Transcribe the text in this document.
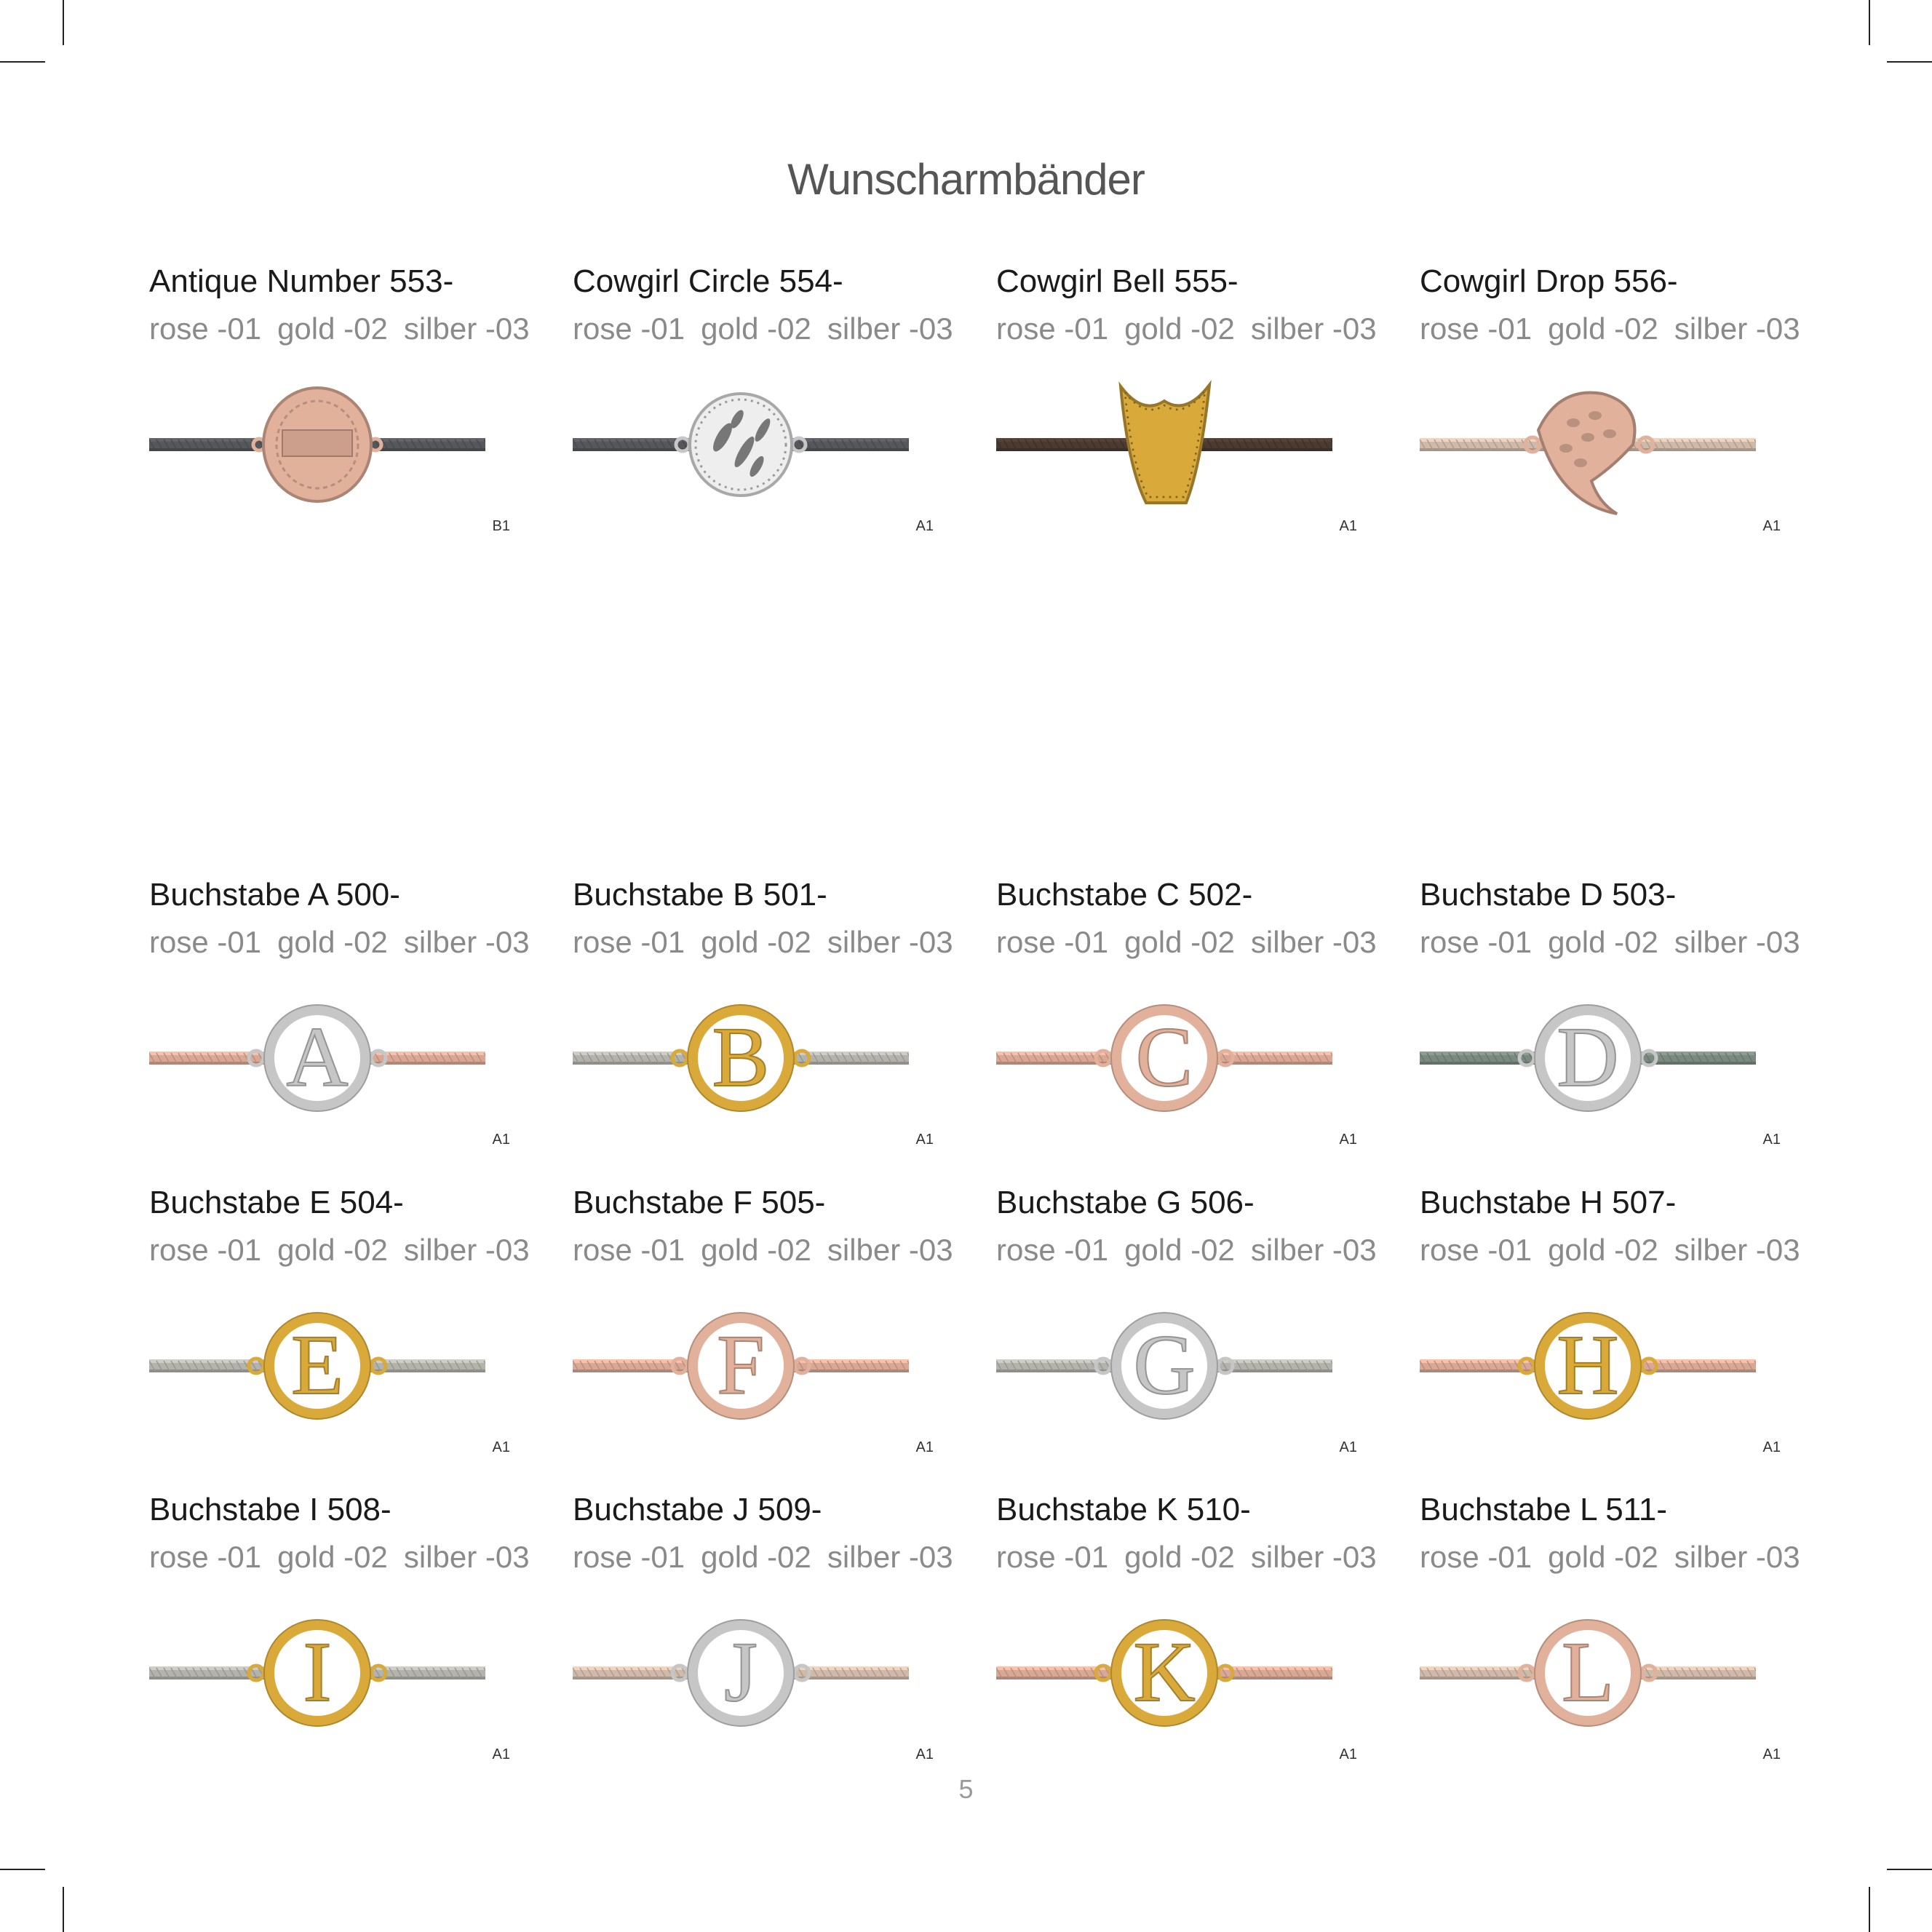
Wunscharmbänder
Antique Number 553-
rose -01 gold -02 silber -03
B1
Cowgirl Circle 554-
rose -01 gold -02 silber -03
A1
Cowgirl Bell 555-
rose -01 gold -02 silber -03
A1
Cowgirl Drop 556-
rose -01 gold -02 silber -03
A1
Buchstabe A 500-
rose -01 gold -02 silber -03
A
A1
Buchstabe B 501-
rose -01 gold -02 silber -03
B
A1
Buchstabe C 502-
rose -01 gold -02 silber -03
C
A1
Buchstabe D 503-
rose -01 gold -02 silber -03
D
A1
Buchstabe E 504-
rose -01 gold -02 silber -03
E
A1
Buchstabe F 505-
rose -01 gold -02 silber -03
F
A1
Buchstabe G 506-
rose -01 gold -02 silber -03
G
A1
Buchstabe H 507-
rose -01 gold -02 silber -03
H
A1
Buchstabe I 508-
rose -01 gold -02 silber -03
I
A1
Buchstabe J 509-
rose -01 gold -02 silber -03
J
A1
Buchstabe K 510-
rose -01 gold -02 silber -03
K
A1
Buchstabe L 511-
rose -01 gold -02 silber -03
L
A1
5
